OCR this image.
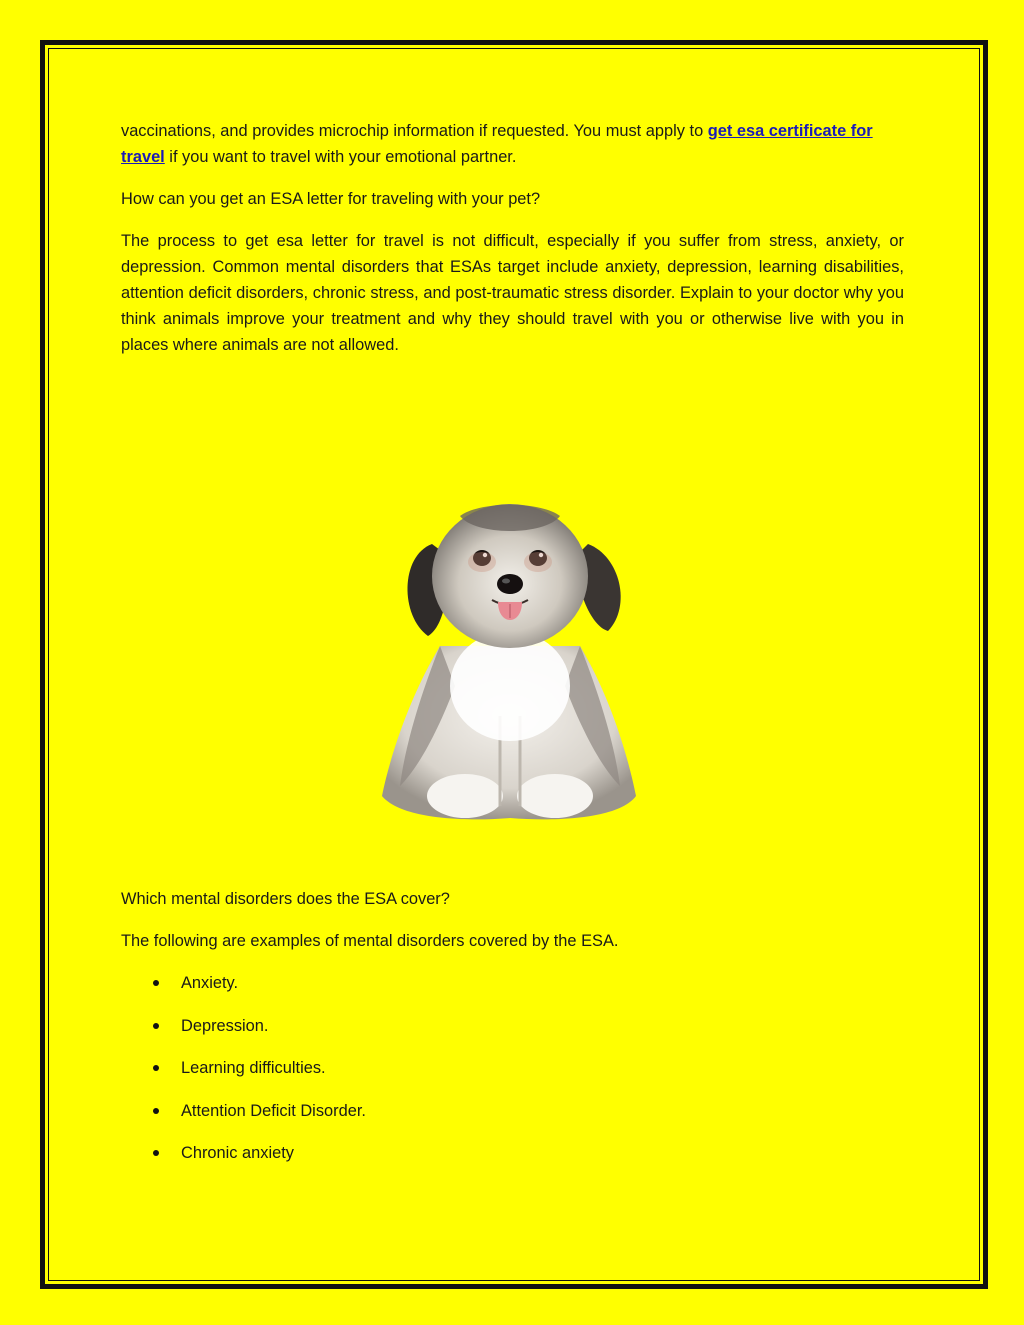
vaccinations, and provides microchip information if requested. You must apply to get esa certificate for
travel if you want to travel with your emotional partner.

How can you get an ESA letter for traveling with your pet?

The process to get esa letter for travel is not difficult, especially if you suffer from stress, anxiety, or depression. Common mental disorders that ESAs target include anxiety, depression, learning disabilities, attention deficit disorders, chronic stress, and post-traumatic stress disorder. Explain to your doctor why you think animals improve your treatment and why they should travel with you or otherwise live with you in places where animals are not allowed.

Which mental disorders does the ESA cover?

The following are examples of mental disorders covered by the ESA.

Anxiety.
Depression.
Learning difficulties.
Attention Deficit Disorder.
Chronic anxiety
